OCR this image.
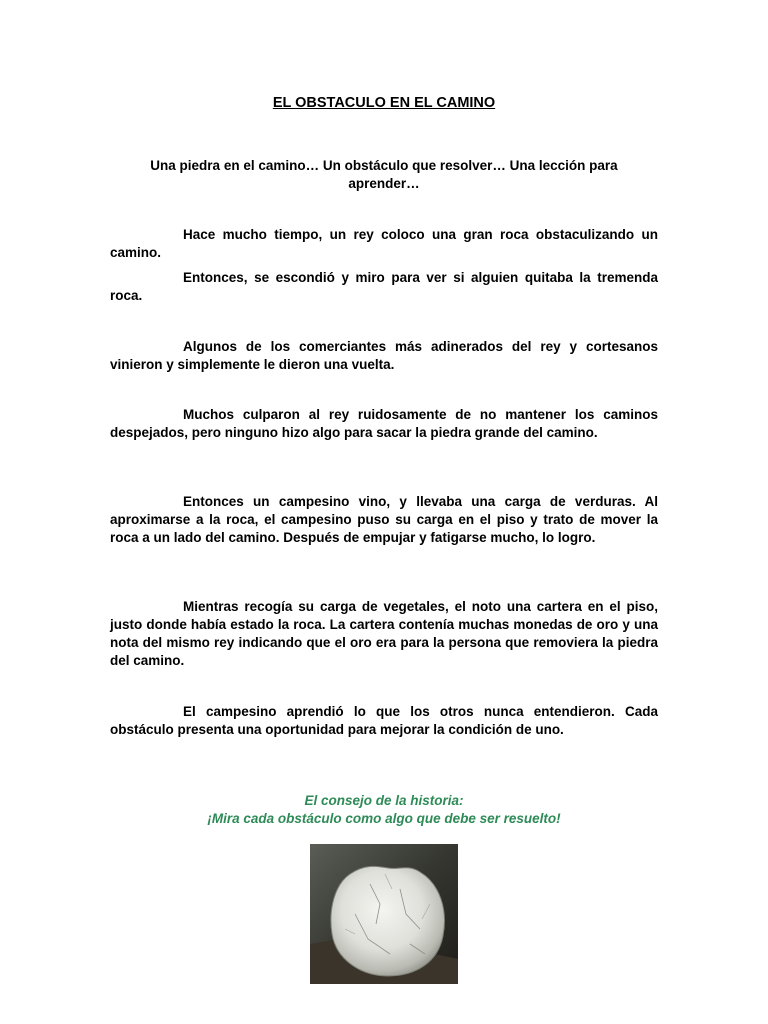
EL OBSTACULO EN EL CAMINO
Una piedra en el camino… Un obstáculo que resolver… Una lección para aprender…
Hace mucho tiempo, un rey coloco una gran roca obstaculizando un camino.
Entonces, se escondió y miro para ver si alguien quitaba la tremenda roca.
Algunos de los comerciantes más adinerados del rey y cortesanos vinieron y simplemente le dieron una vuelta.
Muchos culparon al rey ruidosamente de no mantener los caminos despejados, pero ninguno hizo algo para sacar la piedra grande del camino.
Entonces un campesino vino, y llevaba una carga de verduras. Al aproximarse a la roca, el campesino puso su carga en el piso y trato de mover la roca a un lado del camino. Después de empujar y fatigarse mucho, lo logro.
Mientras recogía su carga de vegetales, el noto una cartera en el piso, justo donde había estado la roca. La cartera contenía muchas monedas de oro y una nota del mismo rey indicando que el oro era para la persona que removiera la piedra del camino.
El campesino aprendió lo que los otros nunca entendieron. Cada obstáculo presenta una oportunidad para mejorar la condición de uno.
El consejo de la historia:
¡Mira cada obstáculo como algo que debe ser resuelto!
